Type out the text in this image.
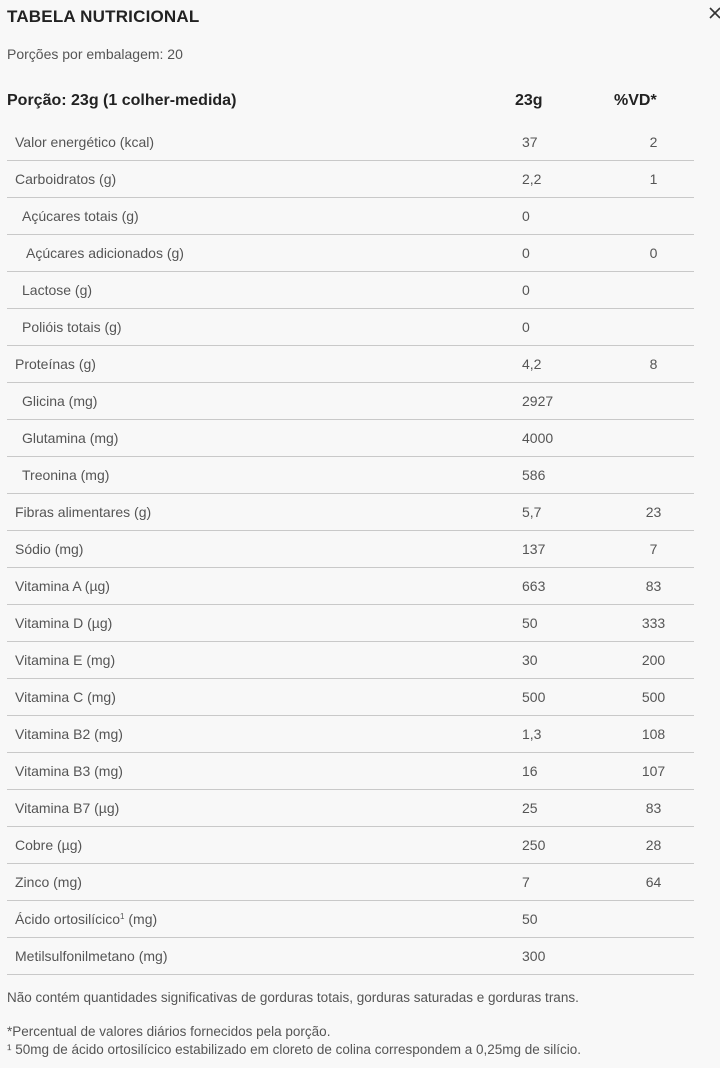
TABELA NUTRICIONAL
Porções por embalagem: 20
Porção: 23g (1 colher-medida)	23g	%VD*
Valor energético (kcal)	37	2
Carboidratos (g)	2,2	1
Açúcares totais (g)	0
Açúcares adicionados (g)	0	0
Lactose (g)	0
Polióis totais (g)	0
Proteínas (g)	4,2	8
Glicina (mg)	2927
Glutamina (mg)	4000
Treonina (mg)	586
Fibras alimentares (g)	5,7	23
Sódio (mg)	137	7
Vitamina A (µg)	663	83
Vitamina D (µg)	50	333
Vitamina E (mg)	30	200
Vitamina C (mg)	500	500
Vitamina B2 (mg)	1,3	108
Vitamina B3 (mg)	16	107
Vitamina B7 (µg)	25	83
Cobre (µg)	250	28
Zinco (mg)	7	64
Ácido ortosilícico$^1$ (mg)	50
Metilsulfonilmetano (mg)	300
Não contém quantidades significativas de gorduras totais, gorduras saturadas e gorduras trans.
*Percentual de valores diários fornecidos pela porção.
¹ 50mg de ácido ortosilícico estabilizado em cloreto de colina correspondem a 0,25mg de silício.
